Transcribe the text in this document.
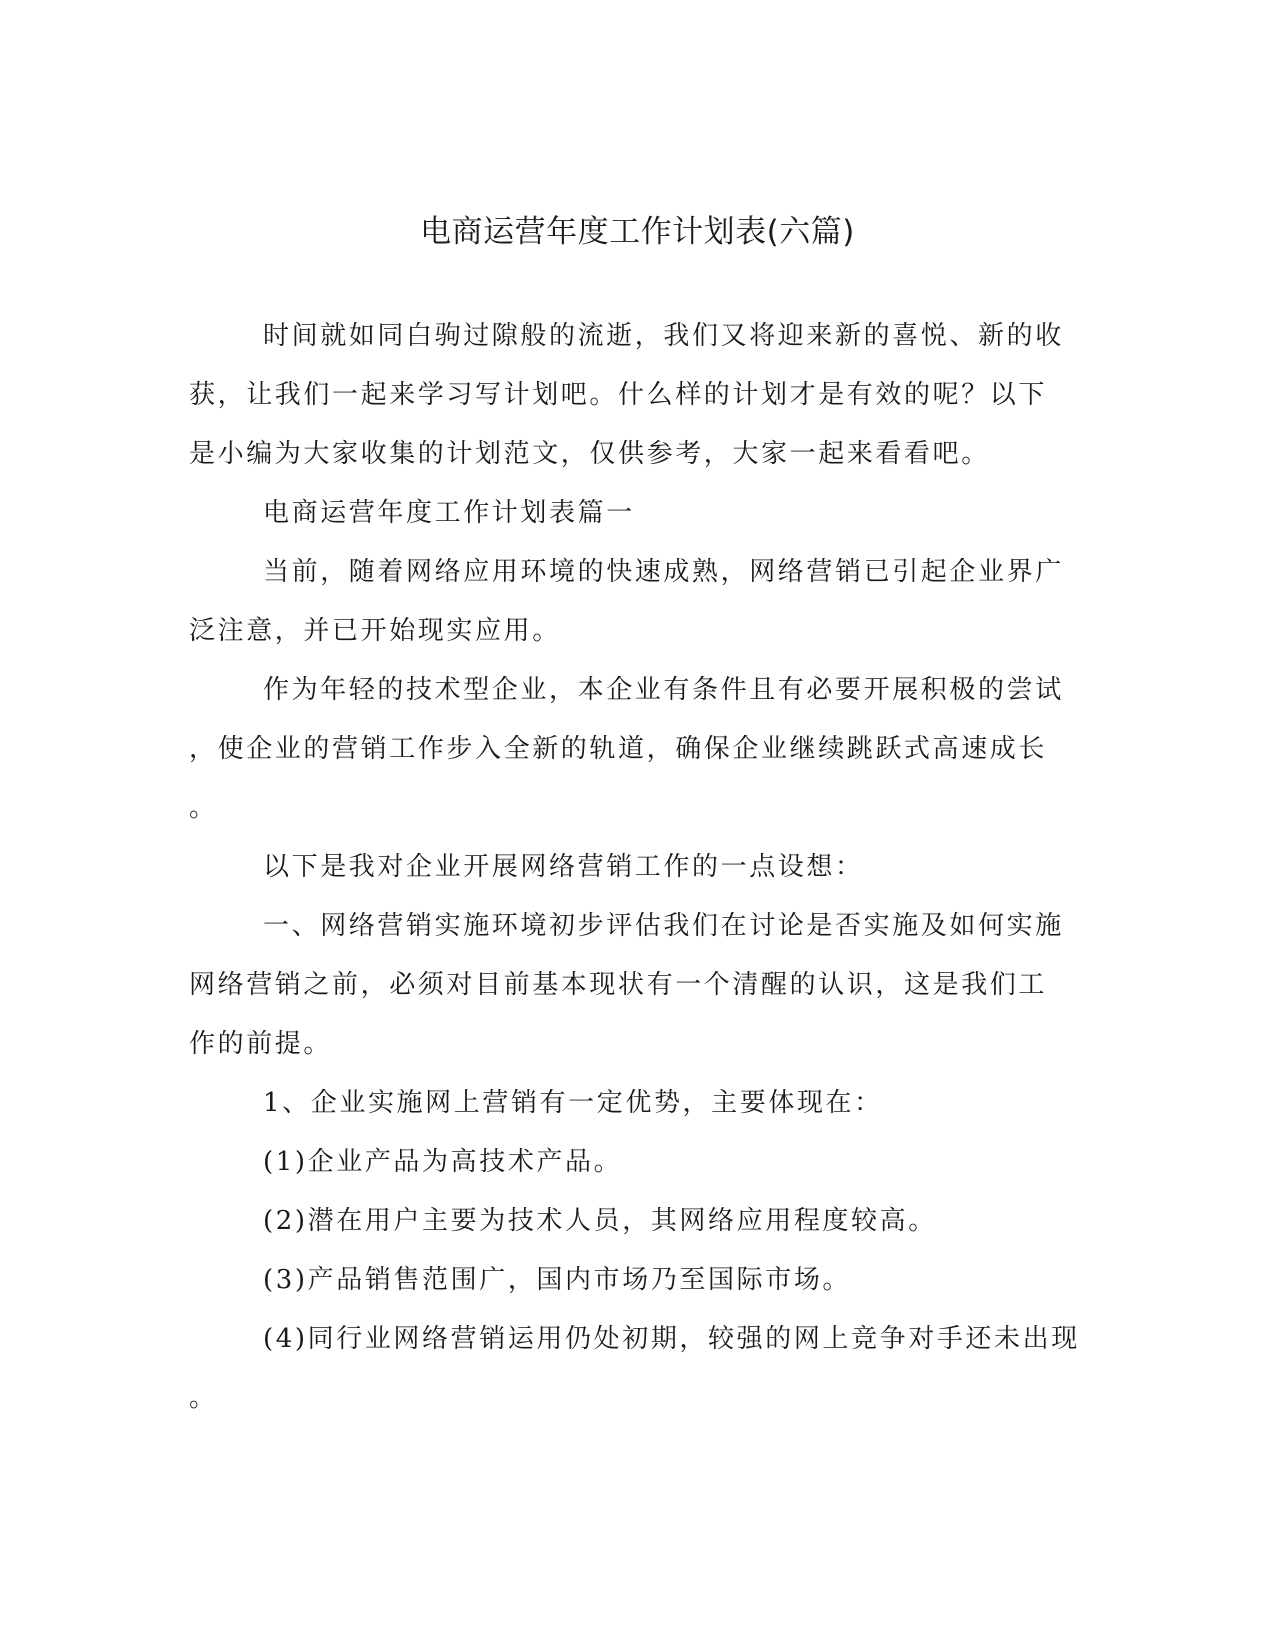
电商运营年度工作计划表(六篇)
时间就如同白驹过隙般的流逝，我们又将迎来新的喜悦、新的收
获，让我们一起来学习写计划吧。什么样的计划才是有效的呢？以下
是小编为大家收集的计划范文，仅供参考，大家一起来看看吧。
电商运营年度工作计划表篇一
当前，随着网络应用环境的快速成熟，网络营销已引起企业界广
泛注意，并已开始现实应用。
作为年轻的技术型企业，本企业有条件且有必要开展积极的尝试
，使企业的营销工作步入全新的轨道，确保企业继续跳跃式高速成长
。
以下是我对企业开展网络营销工作的一点设想：
一、网络营销实施环境初步评估我们在讨论是否实施及如何实施
网络营销之前，必须对目前基本现状有一个清醒的认识，这是我们工
作的前提。
1、企业实施网上营销有一定优势，主要体现在：
(1)企业产品为高技术产品。
(2)潜在用户主要为技术人员，其网络应用程度较高。
(3)产品销售范围广，国内市场乃至国际市场。
(4)同行业网络营销运用仍处初期，较强的网上竞争对手还未出现
。
